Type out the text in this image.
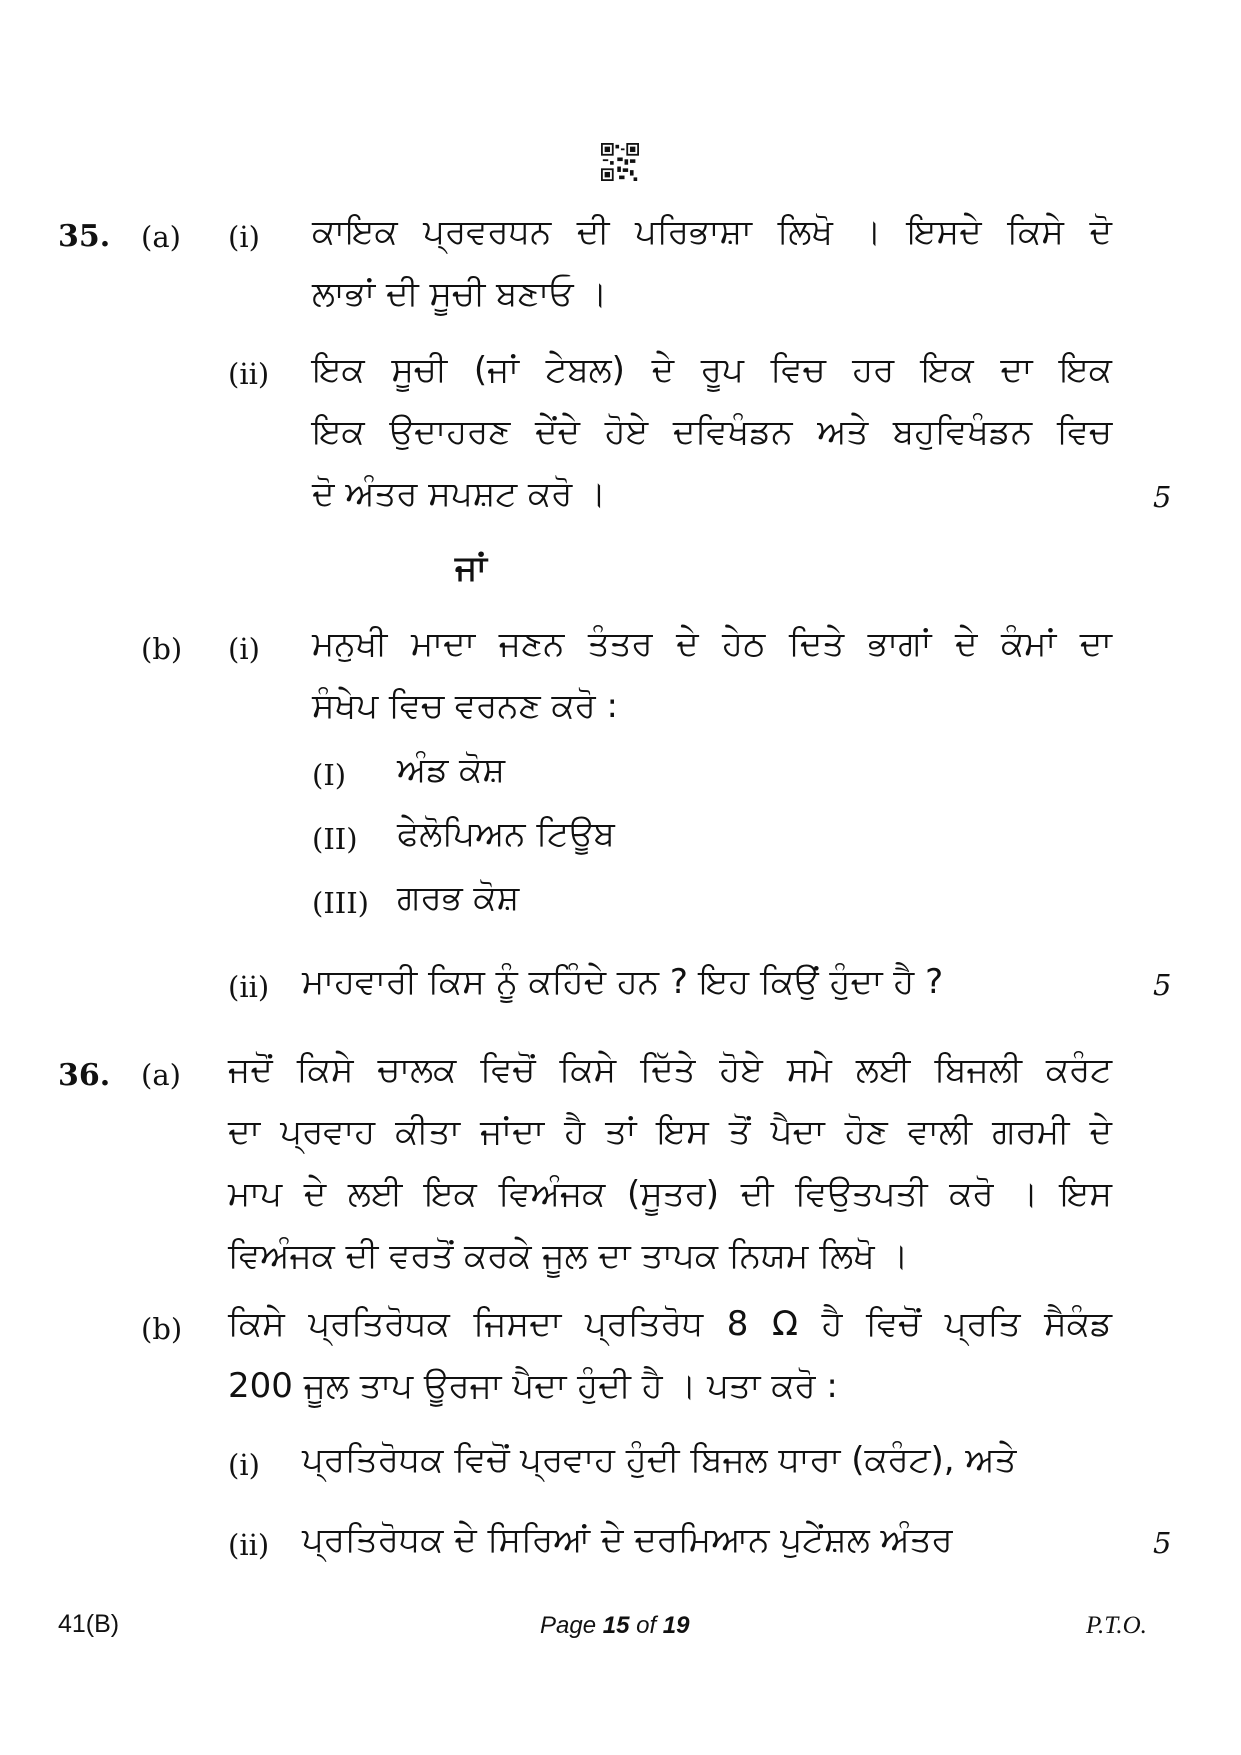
35. (a) (i) ਕਾਇਕ ਪ੍ਰਵਰਧਨ ਦੀ ਪਰਿਭਾਸ਼ਾ ਲਿਖੋ । ਇਸਦੇ ਕਿਸੇ ਦੋ
ਲਾਭਾਂ ਦੀ ਸੂਚੀ ਬਣਾਓ ।
(ii) ਇਕ ਸੂਚੀ (ਜਾਂ ਟੇਬਲ) ਦੇ ਰੂਪ ਵਿਚ ਹਰ ਇਕ ਦਾ ਇਕ
ਇਕ ਉਦਾਹਰਣ ਦੇਂਦੇ ਹੋਏ ਦਵਿਖੰਡਨ ਅਤੇ ਬਹੁਵਿਖੰਡਨ ਵਿਚ
ਦੋ ਅੰਤਰ ਸਪਸ਼ਟ ਕਰੋ ।	5
ਜਾਂ
(b) (i) ਮਨੁਖੀ ਮਾਦਾ ਜਣਨ ਤੰਤਰ ਦੇ ਹੇਠ ਦਿਤੇ ਭਾਗਾਂ ਦੇ ਕੰਮਾਂ ਦਾ
ਸੰਖੇਪ ਵਿਚ ਵਰਨਣ ਕਰੋ :
(I) ਅੰਡ ਕੋਸ਼
(II) ਫੇਲੋਪਿਅਨ ਟਿਊਬ
(III) ਗਰਭ ਕੋਸ਼
(ii) ਮਾਹਵਾਰੀ ਕਿਸ ਨੂੰ ਕਹਿੰਦੇ ਹਨ ? ਇਹ ਕਿਉਂ ਹੁੰਦਾ ਹੈ ?	5
36. (a) ਜਦੋਂ ਕਿਸੇ ਚਾਲਕ ਵਿਚੋਂ ਕਿਸੇ ਦਿੱਤੇ ਹੋਏ ਸਮੇ ਲਈ ਬਿਜਲੀ ਕਰੰਟ
ਦਾ ਪ੍ਰਵਾਹ ਕੀਤਾ ਜਾਂਦਾ ਹੈ ਤਾਂ ਇਸ ਤੋਂ ਪੈਦਾ ਹੋਣ ਵਾਲੀ ਗਰਮੀ ਦੇ
ਮਾਪ ਦੇ ਲਈ ਇਕ ਵਿਅੰਜਕ (ਸੂਤਰ) ਦੀ ਵਿਉਤਪਤੀ ਕਰੋ । ਇਸ
ਵਿਅੰਜਕ ਦੀ ਵਰਤੋਂ ਕਰਕੇ ਜੂਲ ਦਾ ਤਾਪਕ ਨਿਯਮ ਲਿਖੋ ।
(b) ਕਿਸੇ ਪ੍ਰਤਿਰੋਧਕ ਜਿਸਦਾ ਪ੍ਰਤਿਰੋਧ 8 Ω ਹੈ ਵਿਚੋਂ ਪ੍ਰਤਿ ਸੈਕੰਡ
200 ਜੂਲ ਤਾਪ ਊਰਜਾ ਪੈਦਾ ਹੁੰਦੀ ਹੈ । ਪਤਾ ਕਰੋ :
(i) ਪ੍ਰਤਿਰੋਧਕ ਵਿਚੋਂ ਪ੍ਰਵਾਹ ਹੁੰਦੀ ਬਿਜਲ ਧਾਰਾ (ਕਰੰਟ), ਅਤੇ
(ii) ਪ੍ਰਤਿਰੋਧਕ ਦੇ ਸਿਰਿਆਂ ਦੇ ਦਰਮਿਆਨ ਪੁਟੇਂਸ਼ਲ ਅੰਤਰ	5
41(B)	Page 15 of 19	P.T.O.
